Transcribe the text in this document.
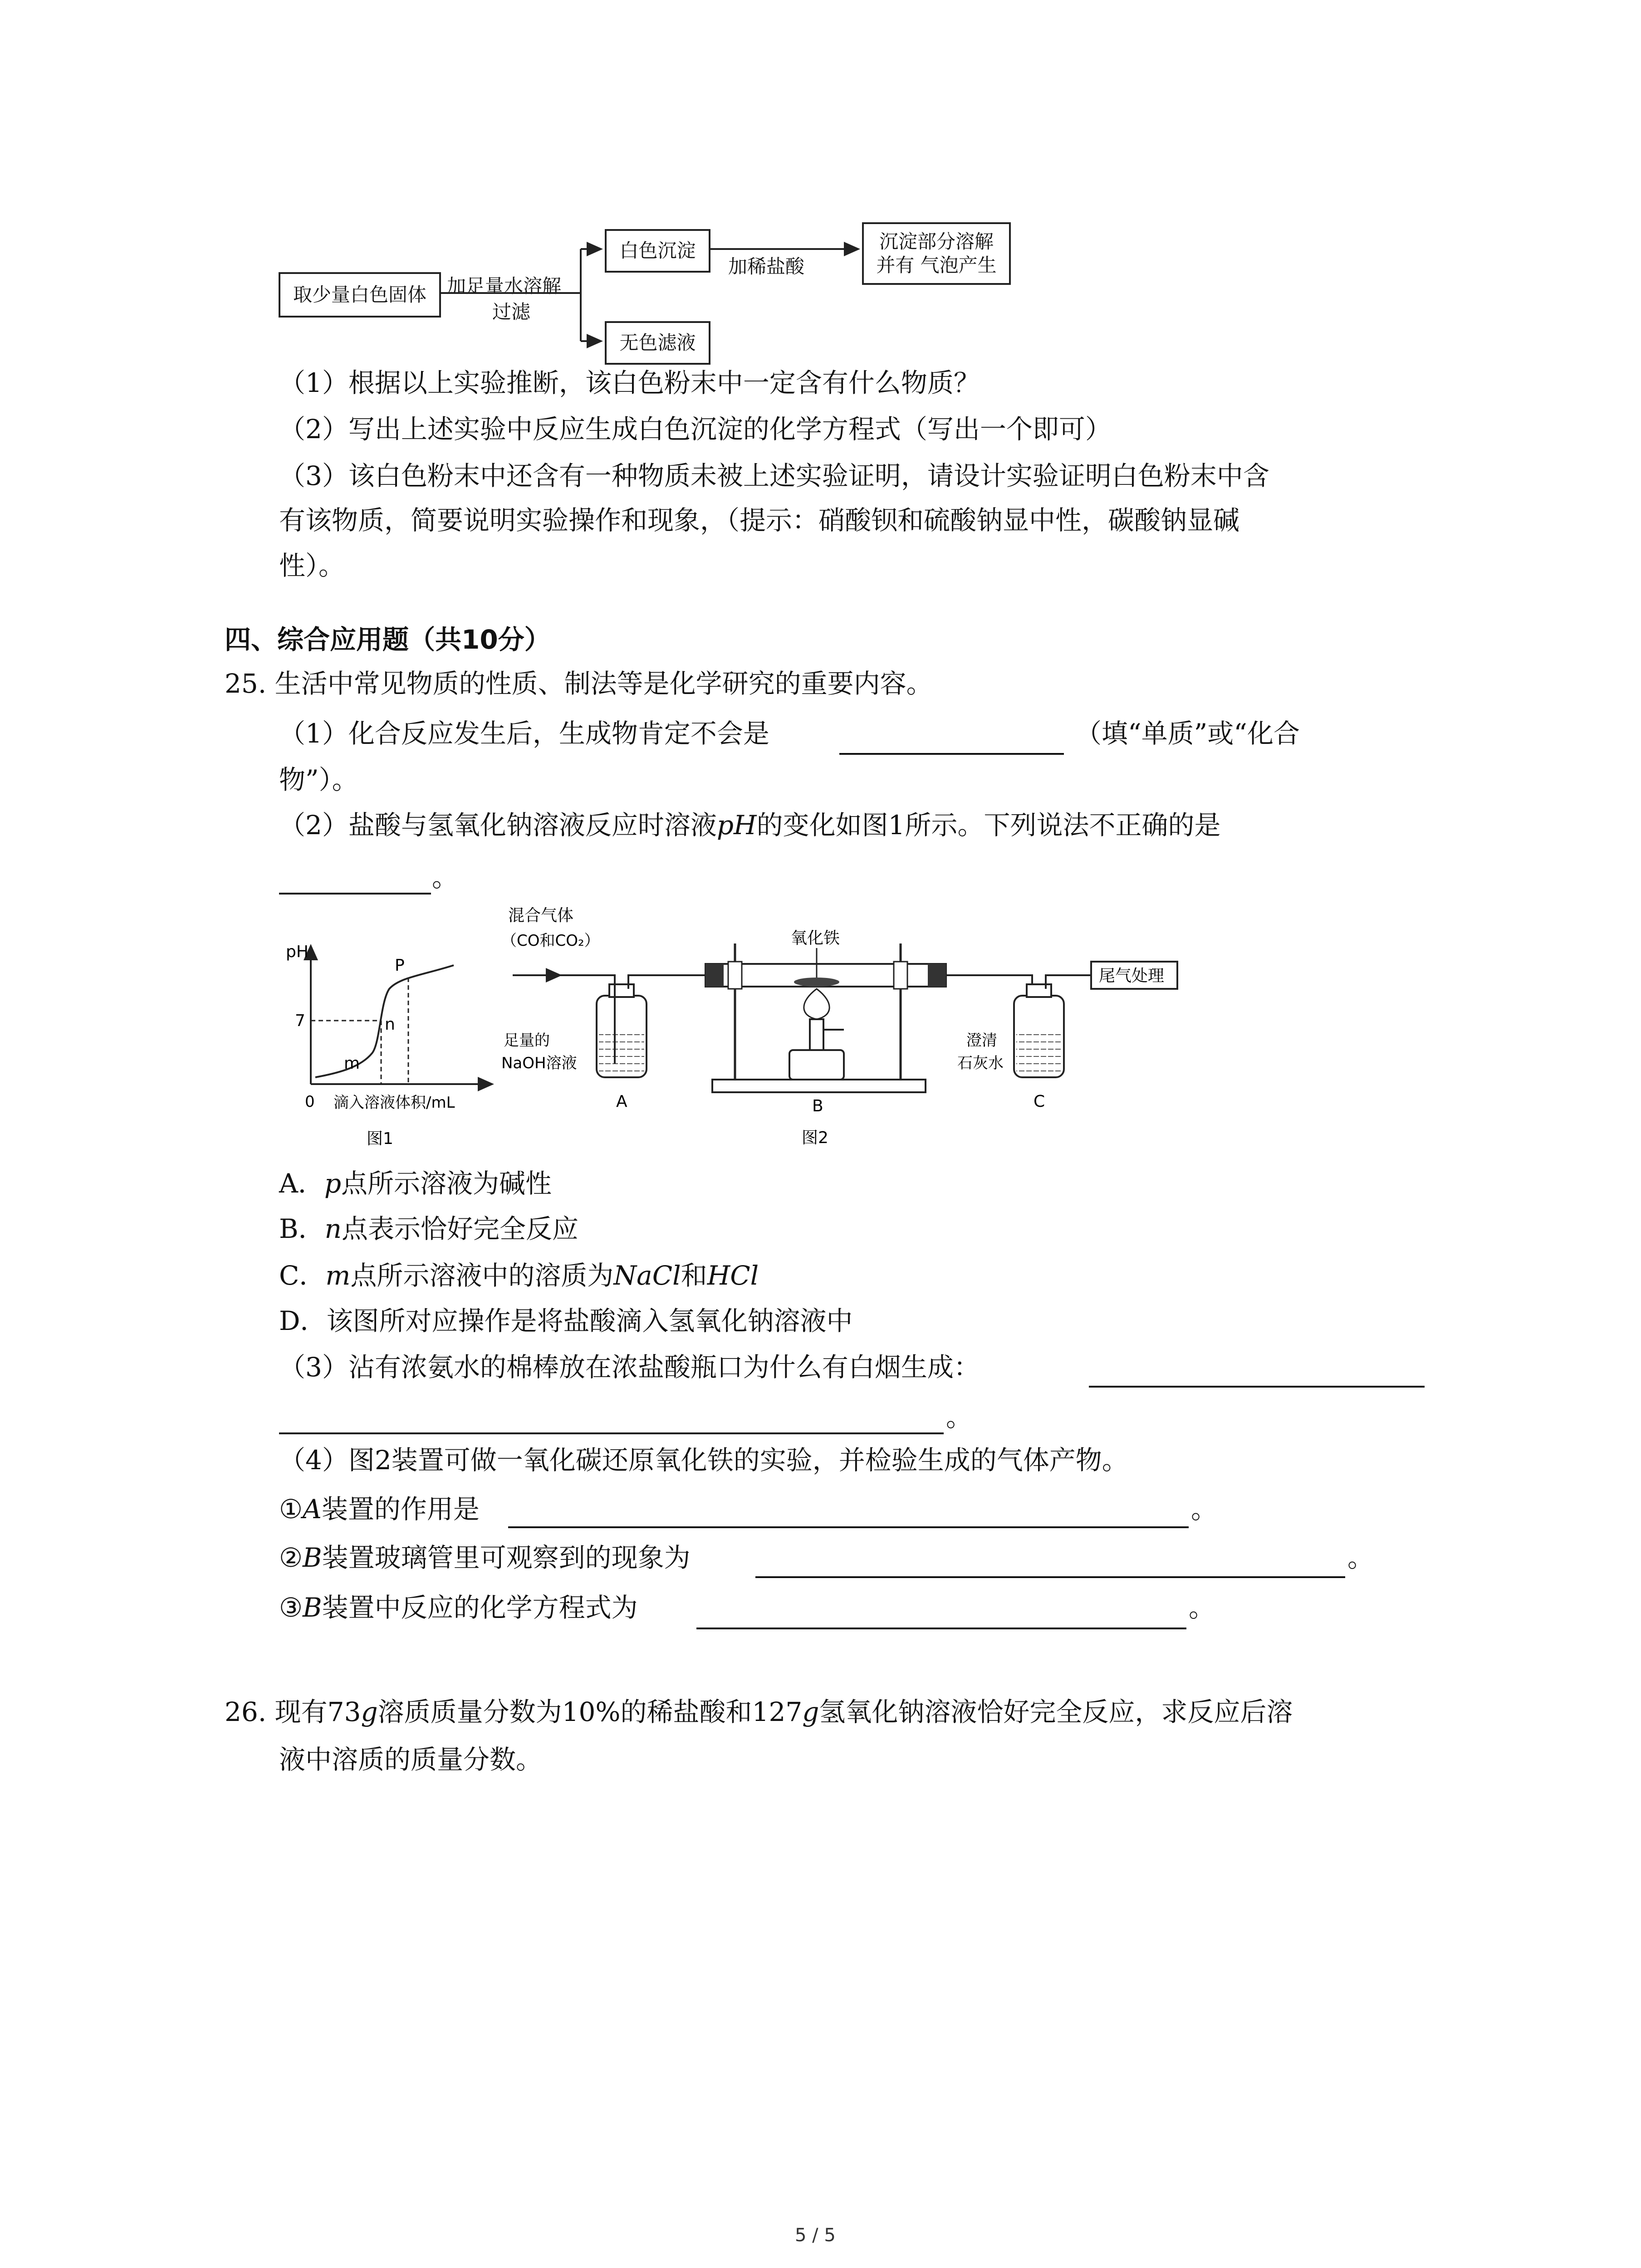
取少量白色固体 加足量水溶解
过滤
白色沉淀
加稀盐酸
沉淀部分溶解
并有 气泡产生
无色滤液
（1）根据以上实验推断，该白色粉末中一定含有什么物质？
（2）写出上述实验中反应生成白色沉淀的化学方程式（写出一个即可）
（3）该白色粉末中还含有一种物质未被上述实验证明，请设计实验证明白色粉末中含
有该物质，简要说明实验操作和现象，（提示：硝酸钡和硫酸钠显中性，碳酸钠显碱
性）。
四、综合应用题（共10分）
25. 生活中常见物质的性质、制法等是化学研究的重要内容。
（1）化合反应发生后，生成物肯定不会是	（填“单质”或“化合
物”）。
（2）盐酸与氢氧化钠溶液反应时溶液pH的变化如图1所示。下列说法不正确的是
。
pH
7
0 滴入溶液体积/mL
P
n
m
图1
混合气体
（CO和CO₂）
足量的
NaOH溶液
A
氧化铁
B
尾气处理
澄清
石灰水
C
图2
A．p点所示溶液为碱性
B．n点表示恰好完全反应
C．m点所示溶液中的溶质为NaCl和HCl
D．该图所对应操作是将盐酸滴入氢氧化钠溶液中
（3）沾有浓氨水的棉棒放在浓盐酸瓶口为什么有白烟生成：
。
（4）图2装置可做一氧化碳还原氧化铁的实验，并检验生成的气体产物。
①A装置的作用是	。
②B装置玻璃管里可观察到的现象为	。
③B装置中反应的化学方程式为	。
26. 现有73g溶质质量分数为10%的稀盐酸和127g氢氧化钠溶液恰好完全反应，求反应后溶
液中溶质的质量分数。
5 / 5
